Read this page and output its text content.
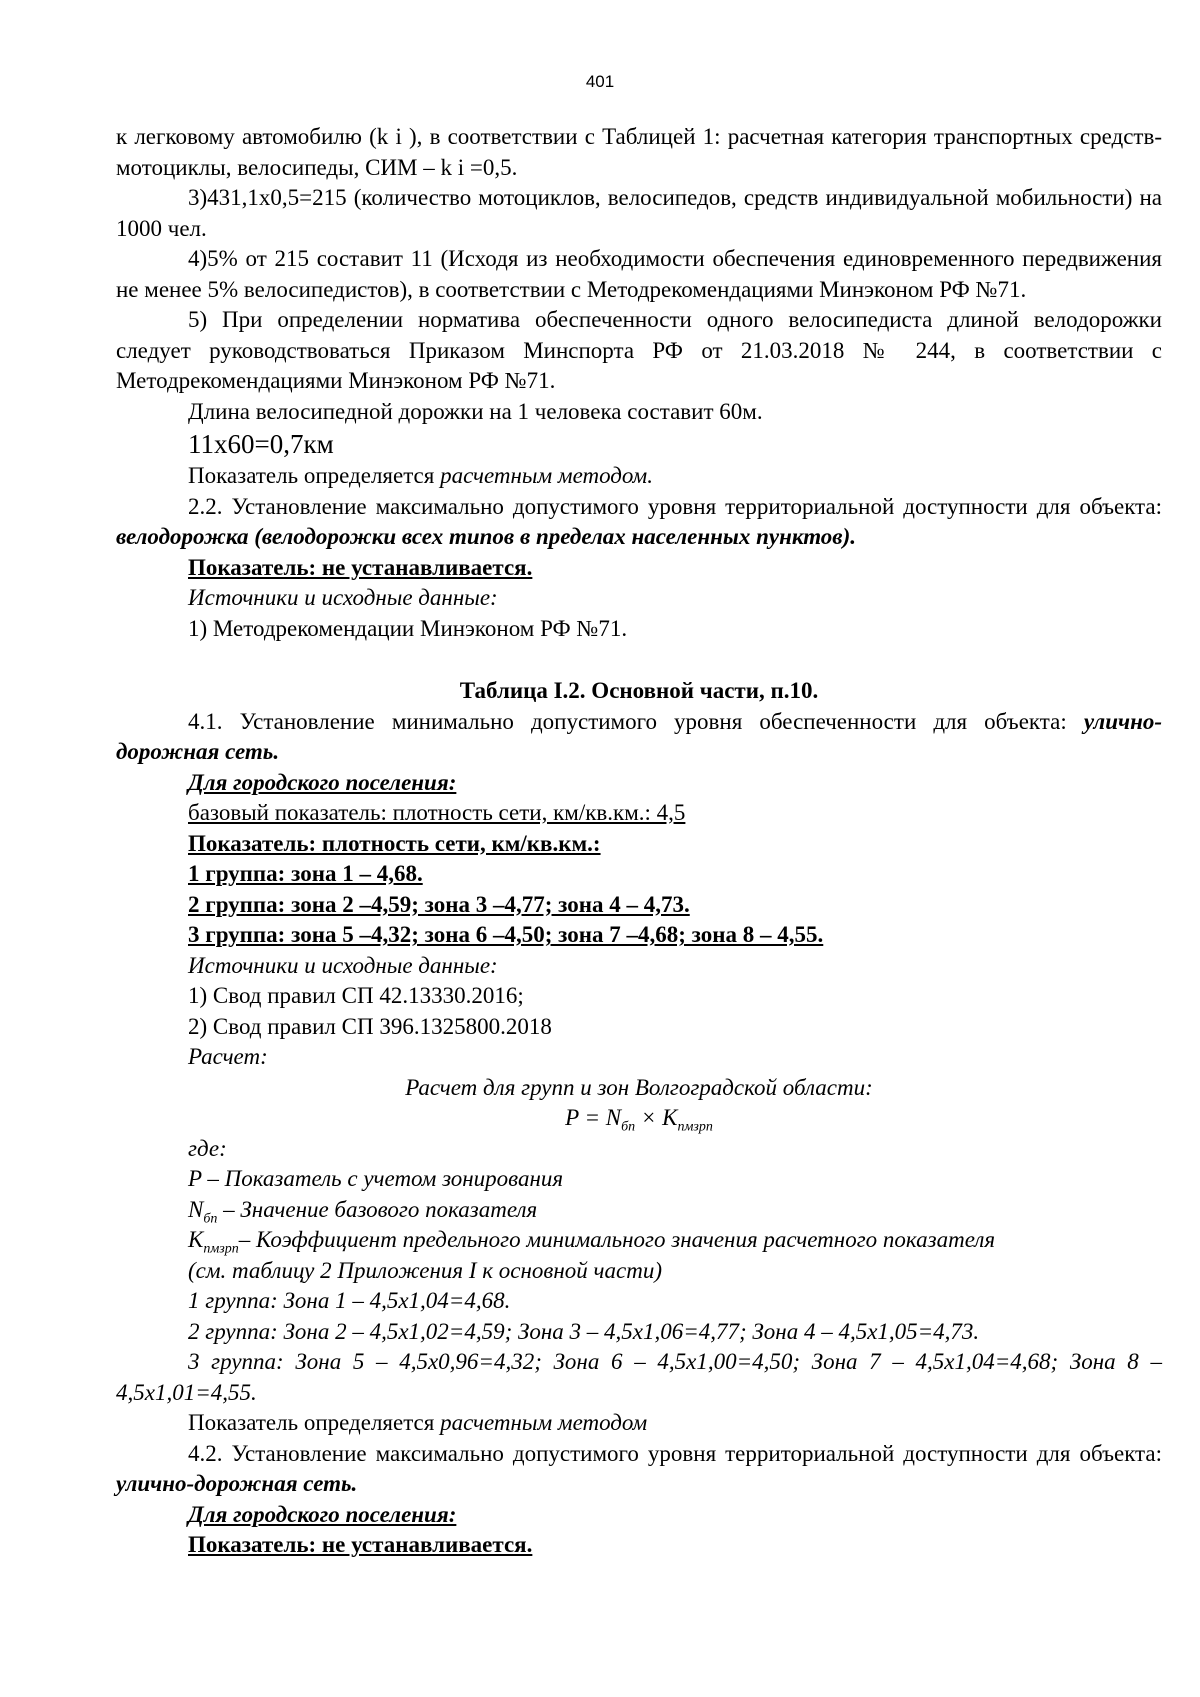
401

к легковому автомобилю (k i ), в соответствии с Таблицей 1: расчетная категория транспортных средств-мотоциклы, велосипеды, СИМ – k i =0,5.

3)431,1х0,5=215 (количество мотоциклов, велосипедов, средств индивидуальной мобильности) на 1000 чел.

4)5% от 215 составит 11 (Исходя из необходимости обеспечения единовременного передвижения не менее 5% велосипедистов), в соответствии с Методрекомендациями Минэконом РФ №71.

5) При определении норматива обеспеченности одного велосипедиста длиной велодорожки следует руководствоваться Приказом Минспорта РФ от 21.03.2018 № 244, в соответствии с Методрекомендациями Минэконом РФ №71.

Длина велосипедной дорожки на 1 человека составит 60м.

11х60=0,7км

Показатель определяется расчетным методом.

2.2. Установление максимально допустимого уровня территориальной доступности для объекта: велодорожка (велодорожки всех типов в пределах населенных пунктов).

Показатель: не устанавливается.

Источники и исходные данные:

1) Методрекомендации Минэконом РФ №71.

Таблица I.2. Основной части, п.10.

4.1. Установление минимально допустимого уровня обеспеченности для объекта: улично-дорожная сеть.

Для городского поселения:

базовый показатель: плотность сети, км/кв.км.: 4,5

Показатель: плотность сети, км/кв.км.:

1 группа: зона 1 – 4,68.

2 группа: зона 2 –4,59; зона 3 –4,77; зона 4 – 4,73.

3 группа: зона 5 –4,32; зона 6 –4,50; зона 7 –4,68; зона 8 – 4,55.

Источники и исходные данные:

1) Свод правил СП 42.13330.2016;

2) Свод правил СП 396.1325800.2018

Расчет:

Расчет для групп и зон Волгоградской области:

$P = N_{бп} \times K_{пмзрп}$

где:

P – Показатель с учетом зонирования

$N_{бп}$ – Значение базового показателя

$K_{пмзрп}-$ Коэффициент предельного минимального значения расчетного показателя

(см. таблицу 2 Приложения I к основной части)

1 группа: Зона 1 – 4,5х1,04=4,68.

2 группа: Зона 2 – 4,5х1,02=4,59; Зона 3 – 4,5х1,06=4,77; Зона 4 – 4,5х1,05=4,73.

3 группа: Зона 5 – 4,5х0,96=4,32; Зона 6 – 4,5х1,00=4,50; Зона 7 – 4,5х1,04=4,68; Зона 8 – 4,5х1,01=4,55.

Показатель определяется расчетным методом

4.2. Установление максимально допустимого уровня территориальной доступности для объекта: улично-дорожная сеть.

Для городского поселения:

Показатель: не устанавливается.
